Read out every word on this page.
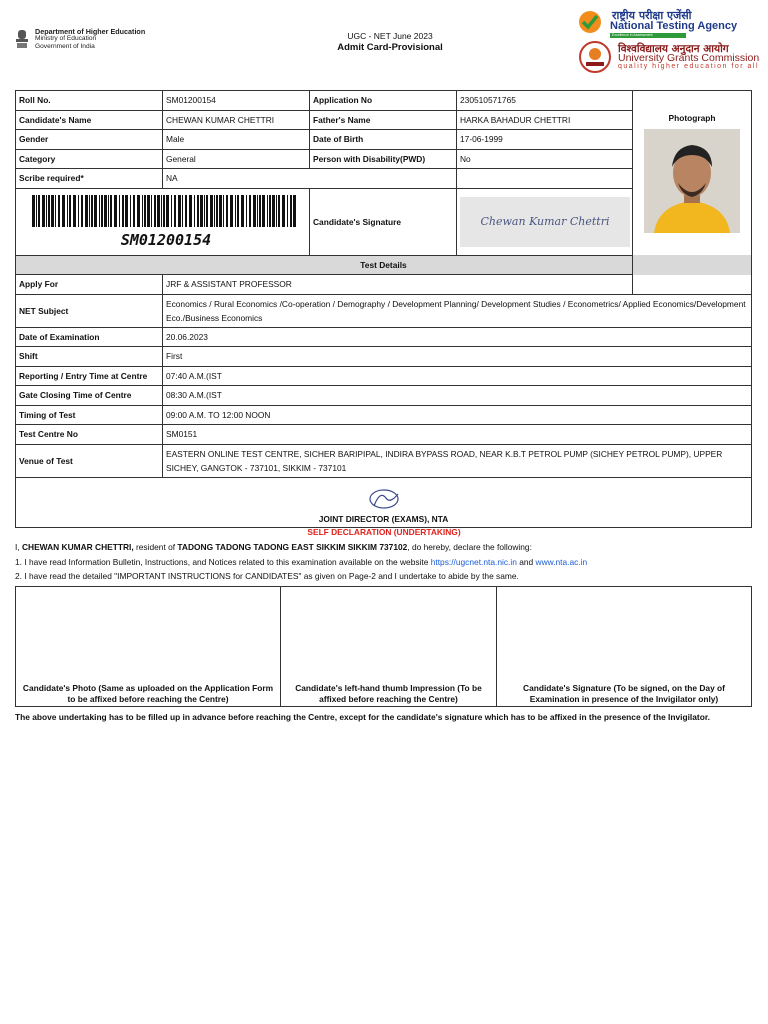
Department of Higher Education
Ministry of Education
Government of India
UGC - NET June 2023
Admit Card-Provisional
राष्ट्रीय परीक्षा एजेंसी
National Testing Agency
Excellence in Assessment
विश्वविद्यालय अनुदान आयोग
University Grants Commission
quality higher education for all
Roll No.	SM01200154	Application No	230510571765	Photograph

Candidate's Name	CHEWAN KUMAR CHETTRI	Father's Name	HARKA BAHADUR CHETTRI	
Gender	Male	Date of Birth	17-06-1999	
Category	General	Person with Disability(PWD)	No	
Scribe required*	NA			

SM01200154		Candidate's Signature	Chewan Kumar Chettri	

Test Details				
Apply For	JRF & ASSISTANT PROFESSOR			
NET Subject	Economics / Rural Economics /Co-operation / Demography / Development Planning/ Development Studies / Econometrics/ Applied Economics/Development Eco./Business Economics			
Date of Examination	20.06.2023			
Shift	First			
Reporting / Entry Time at Centre	07:40 A.M.(IST			
Gate Closing Time of Centre	08:30 A.M.(IST			
Timing of Test	09:00 A.M. TO 12:00 NOON			
Test Centre No	SM0151			
Venue of Test	EASTERN ONLINE TEST CENTRE, SICHER BARIPIPAL, INDIRA BYPASS ROAD, NEAR K.B.T PETROL PUMP (SICHEY PETROL PUMP), UPPER SICHEY, GANGTOK - 737101, SIKKIM - 737101			

JOINT DIRECTOR (EXAMS), NTA				
SELF DECLARATION (UNDERTAKING)
I, CHEWAN KUMAR CHETTRI, resident of TADONG TADONG TADONG EAST SIKKIM SIKKIM 737102, do hereby, declare the following:
1. I have read Information Bulletin, Instructions, and Notices related to this examination available on the website https://ugcnet.nta.nic.in and www.nta.ac.in
2. I have read the detailed "IMPORTANT INSTRUCTIONS for CANDIDATES" as given on Page-2 and I undertake to abide by the same.
Candidate's Photo (Same as uploaded on the Application Form to be affixed before reaching the Centre)	Candidate's left-hand thumb Impression (To be affixed before reaching the Centre)	Candidate's Signature (To be signed, on the Day of Examination in presence of the Invigilator only)
The above undertaking has to be filled up in advance before reaching the Centre, except for the candidate's signature which has to be affixed in the presence of the Invigilator.
